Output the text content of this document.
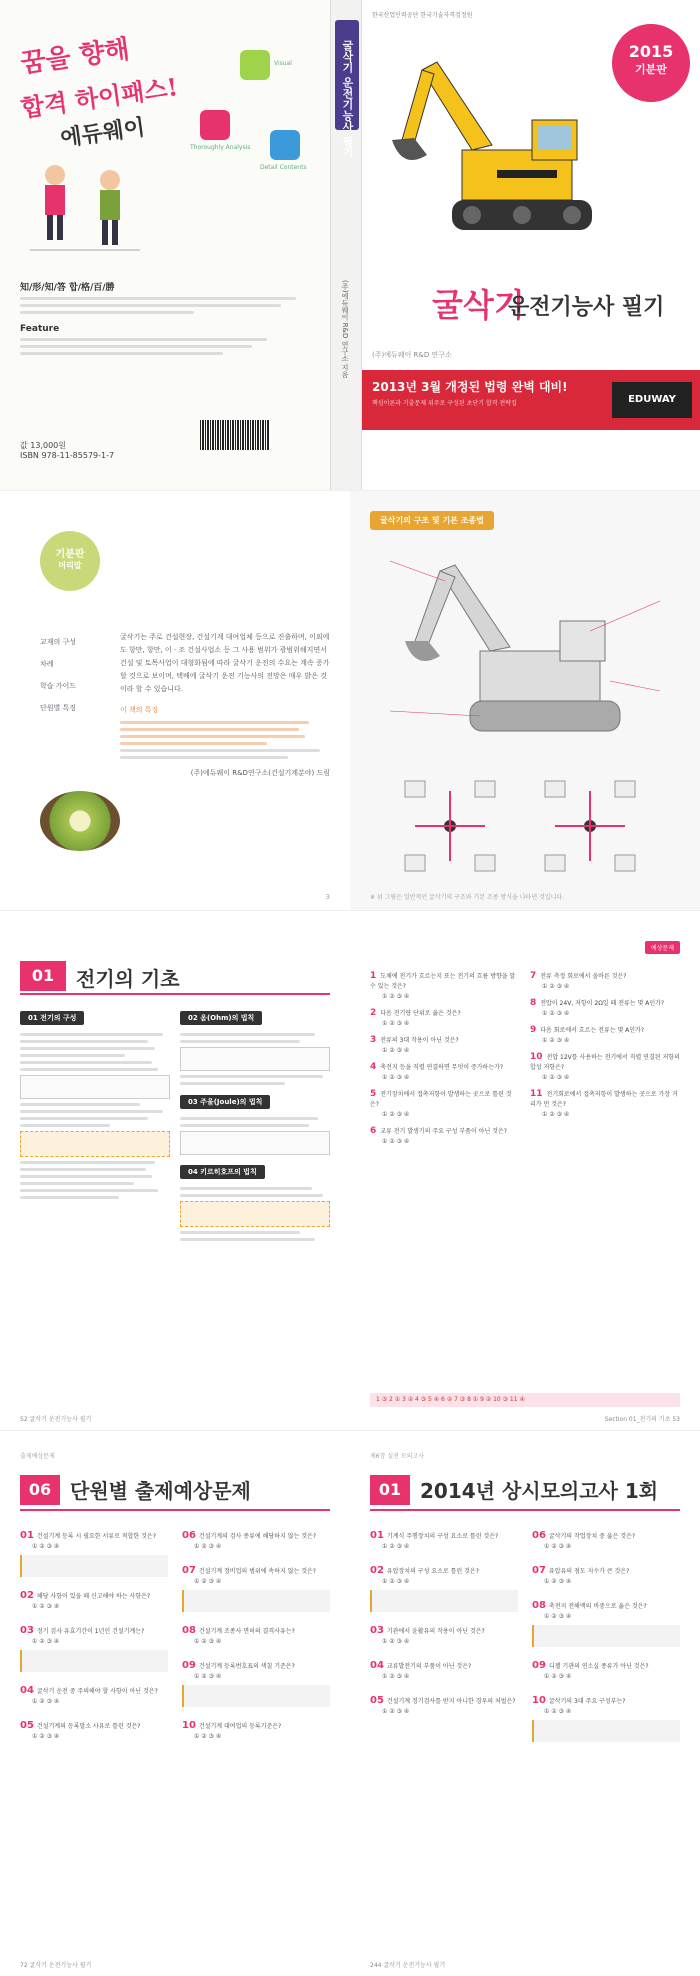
꿈을 향해
합격 하이패스!
에듀웨이
Visual
Thoroughly Analysis
Detail Contents
知/形/知/答 합/格/百/勝
Feature
값 13,000원
ISBN 978-11-85579-1-7
굴삭기 운전기능사 필기
(주)에듀웨이 R&D 연구소 지음
한국산업인력공단 한국기술자격검정원
2015
기분판
굴삭기
운전기능사 필기
(주)에듀웨이 R&D 연구소
2013년 3월 개정된 법령 완벽 대비!
핵심이론과 기출문제 위주로 구성된 초단기 합격 전략집	EDUWAY
기분판
머리말
교재의 구성
차례
학습 가이드
단원별 특징

굴삭기는 주로 건설현장, 건설기계 대여업체 등으로 진출하며, 이외에도 항만, 항만, 이 · 조 건설사업소 등 그 사용 범위가 광범위해지면서 건설 및 토목사업이 대형화됨에 따라 굴삭기 운전의 수요는 계속 증가할 것으로 보이며, 택배에 굴삭기 운전 기능사의 전망은 매우 밝은 것이라 할 수 있습니다.

이 책의 특징

(주)에듀웨이 R&D연구소(건설기계분야) 드림

3
굴삭기의 구조 및 기본 조종법
※ 위 그림은 일반적인 굴삭기의 구조와 기본 조종 방식을 나타낸 것입니다.
01	전기의 기초
01 전기의 구성	02 옴(Ohm)의 법칙
03 주울(Joule)의 법칙
04 키르히호프의 법칙
52 굴삭기 운전기능사 필기
예상문제
1 도체에 전기가 흐르는지 또는 전기의 흐름 방향을 알 수 있는 것은?
① ② ③ ④
2 다음 전기량 단위로 옳은 것은?
① ② ③ ④
3 전류의 3대 작용이 아닌 것은?
① ② ③ ④
4 축전지 등을 직렬 연결하면 무엇이 증가하는가?
① ② ③ ④
5 전기장치에서 접촉저항이 발생하는 곳으로 틀린 것은?
① ② ③ ④
6 교류 전기 발생기의 주요 구성 부품이 아닌 것은?
① ② ③ ④
7 전류 측정 회로에서 올바른 것은?
① ② ③ ④
8 전압이 24V, 저항이 2Ω일 때 전류는 몇 A인가?
① ② ③ ④
9 다음 회로에서 흐르는 전류는 몇 A인가?
① ② ③ ④
10 전압 12V를 사용하는 전기에서 직렬 연결된 저항의 합성 저항은?
① ② ③ ④
11 전기회로에서 접촉저항이 발생하는 곳으로 가장 거리가 먼 것은?
① ② ③ ④
1 ③ 2 ① 3 ② 4 ③ 5 ④ 6 ② 7 ③ 8 ① 9 ② 10 ③ 11 ④
Section 01_전기의 기초 53
출제예상문제
06 단원별 출제예상문제
01 건설기계 등록 시 필요한 서류로 적합한 것은?
① ② ③ ④
02 해당 사항이 있을 때 신고해야 하는 사항은?
① ② ③ ④
03 정기 검사 유효기간이 1년인 건설기계는?
① ② ③ ④
04 굴삭기 운전 중 주의해야 할 사항이 아닌 것은?
① ② ③ ④
05 건설기계의 등록말소 사유로 틀린 것은?
① ② ③ ④
06 건설기계의 검사 종류에 해당하지 않는 것은?
① ② ③ ④
07 건설기계 정비업의 범위에 속하지 않는 것은?
① ② ③ ④
08 건설기계 조종사 면허의 결격사유는?
① ② ③ ④
09 건설기계 등록번호표의 색칠 기준은?
① ② ③ ④
10 건설기계 대여업의 등록기준은?
① ② ③ ④
72 굴삭기 운전기능사 필기
제6장 실전 모의고사
01 2014년 상시모의고사 1회
01 기계식 주행장치의 구성 요소로 틀린 것은?
① ② ③ ④
02 유압장치의 구성 요소로 틀린 것은?
① ② ③ ④
03 기관에서 윤활유의 작용이 아닌 것은?
① ② ③ ④
04 교류발전기의 부품이 아닌 것은?
① ② ③ ④
05 건설기계 정기검사를 받지 아니한 경우의 처벌은?
① ② ③ ④
06 굴삭기의 작업장치 중 옳은 것은?
① ② ③ ④
07 유압유의 점도 지수가 큰 것은?
① ② ③ ④
08 축전지 전해액의 비중으로 옳은 것은?
① ② ③ ④
09 디젤 기관의 연소실 종류가 아닌 것은?
① ② ③ ④
10 굴삭기의 3대 주요 구성부는?
① ② ③ ④
244 굴삭기 운전기능사 필기
